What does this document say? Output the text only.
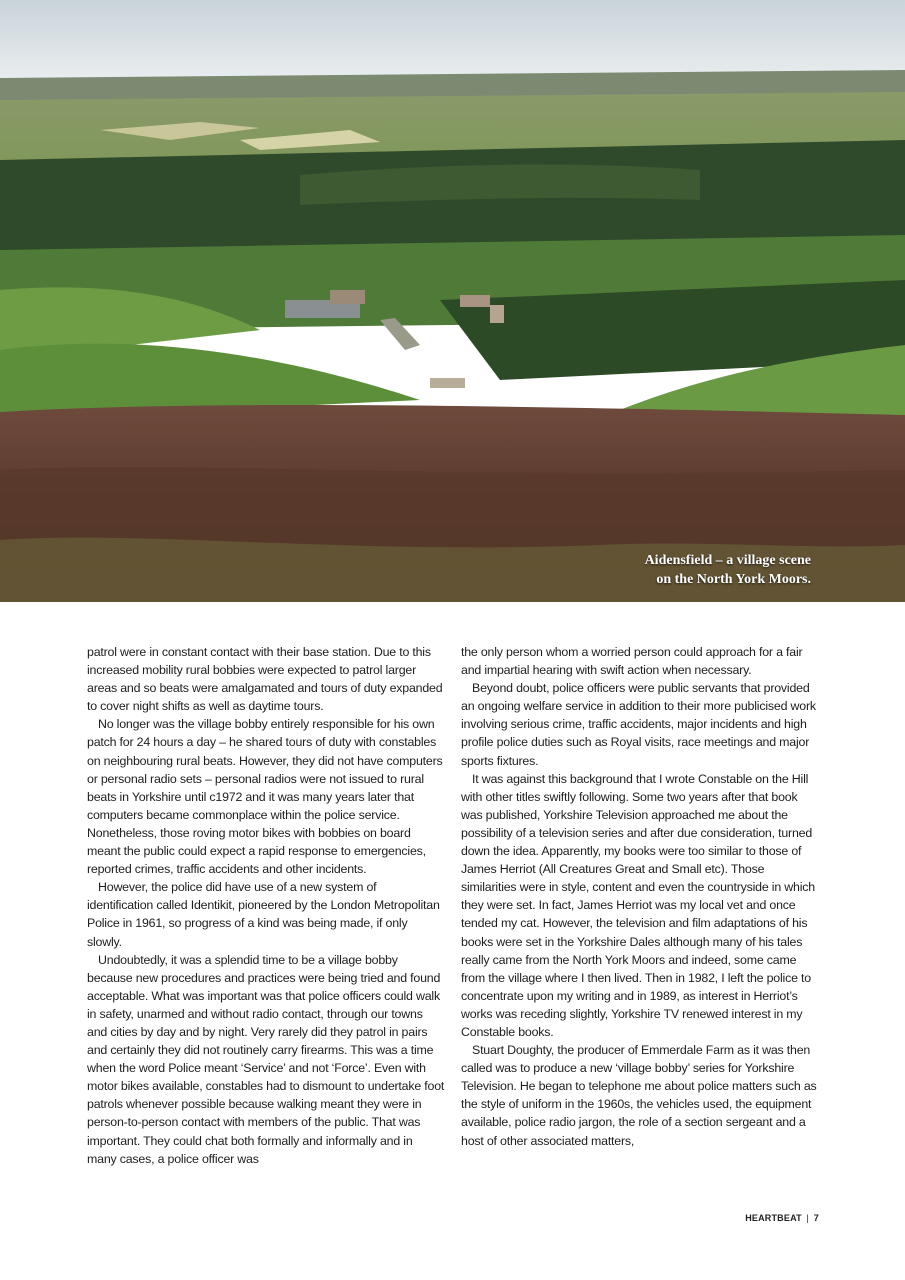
Aidensfield – a village scene
on the North York Moors.

patrol were in constant contact with their base station. Due to this increased mobility rural bobbies were expected to patrol larger areas and so beats were amalgamated and tours of duty expanded to cover night shifts as well as daytime tours.

No longer was the village bobby entirely responsible for his own patch for 24 hours a day – he shared tours of duty with constables on neighbouring rural beats. However, they did not have computers or personal radio sets – personal radios were not issued to rural beats in Yorkshire until c1972 and it was many years later that computers became commonplace within the police service. Nonetheless, those roving motor bikes with bobbies on board meant the public could expect a rapid response to emergencies, reported crimes, traffic accidents and other incidents.

However, the police did have use of a new system of identification called Identikit, pioneered by the London Metropolitan Police in 1961, so progress of a kind was being made, if only slowly.

Undoubtedly, it was a splendid time to be a village bobby because new procedures and practices were being tried and found acceptable. What was important was that police officers could walk in safety, unarmed and without radio contact, through our towns and cities by day and by night. Very rarely did they patrol in pairs and certainly they did not routinely carry firearms. This was a time when the word Police meant ‘Service’ and not ‘Force’. Even with motor bikes available, constables had to dismount to undertake foot patrols whenever possible because walking meant they were in person-to-person contact with members of the public. That was important. They could chat both formally and informally and in many cases, a police officer was

the only person whom a worried person could approach for a fair and impartial hearing with swift action when necessary.

Beyond doubt, police officers were public servants that provided an ongoing welfare service in addition to their more publicised work involving serious crime, traffic accidents, major incidents and high profile police duties such as Royal visits, race meetings and major sports fixtures.

It was against this background that I wrote Constable on the Hill with other titles swiftly following. Some two years after that book was published, Yorkshire Television approached me about the possibility of a television series and after due consideration, turned down the idea. Apparently, my books were too similar to those of James Herriot (All Creatures Great and Small etc). Those similarities were in style, content and even the countryside in which they were set. In fact, James Herriot was my local vet and once tended my cat. However, the television and film adaptations of his books were set in the Yorkshire Dales although many of his tales really came from the North York Moors and indeed, some came from the village where I then lived. Then in 1982, I left the police to concentrate upon my writing and in 1989, as interest in Herriot’s works was receding slightly, Yorkshire TV renewed interest in my Constable books.

Stuart Doughty, the producer of Emmerdale Farm as it was then called was to produce a new ‘village bobby’ series for Yorkshire Television. He began to telephone me about police matters such as the style of uniform in the 1960s, the vehicles used, the equipment available, police radio jargon, the role of a section sergeant and a host of other associated matters,

HEARTBEAT | 7
